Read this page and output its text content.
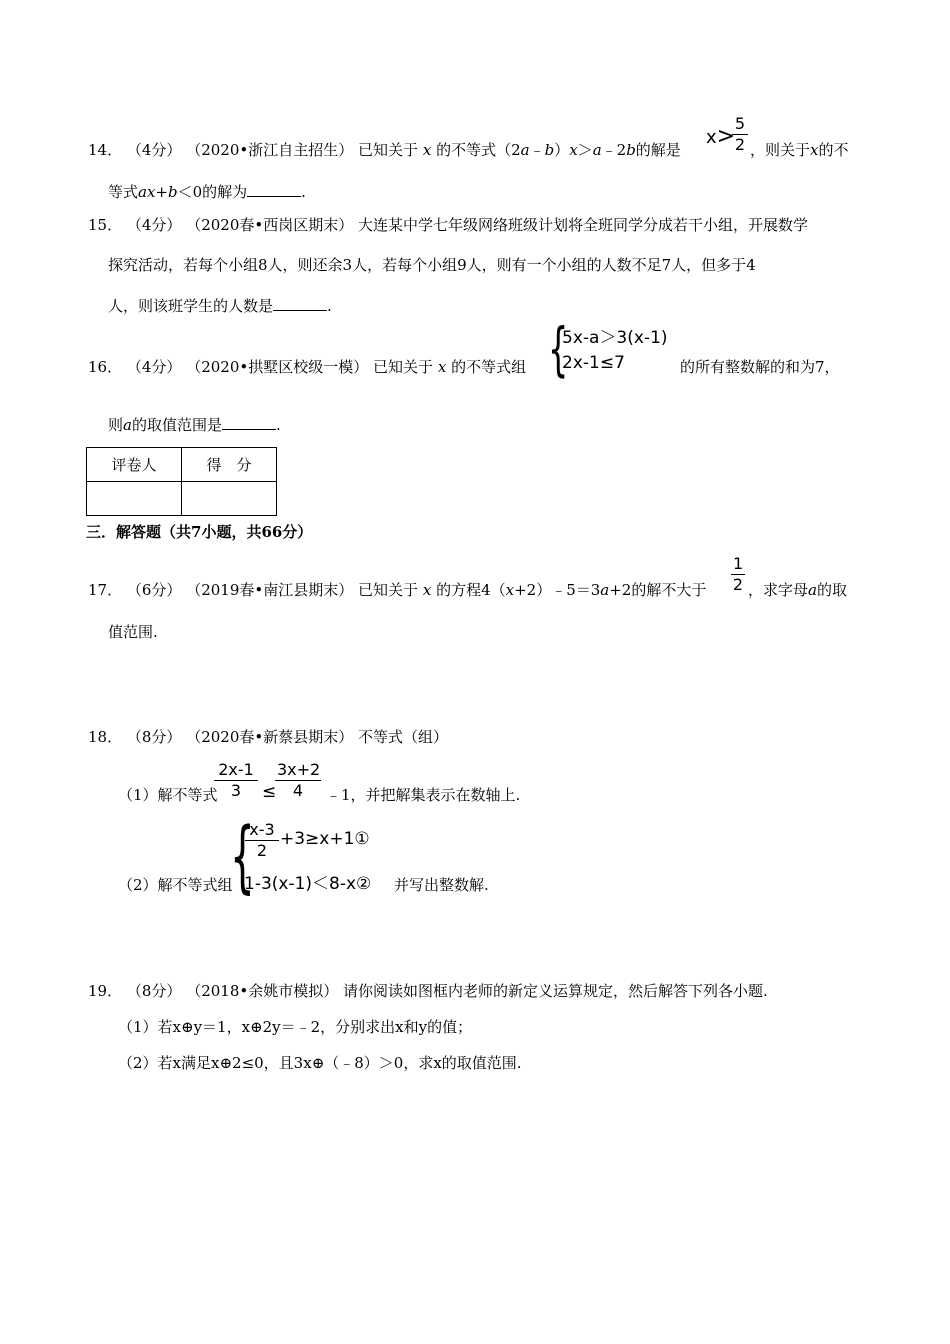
14． （4分） （2020•浙江自主招生） 已知关于 x 的不等式（2a﹣b）x＞a﹣2b的解是
x>
$\frac{5}{2}$ ，则关于x的不
等式ax+b＜0的解为	.
15． （4分） （2020春•西岗区期末） 大连某中学七年级网络班级计划将全班同学分成若干小组，开展数学
探究活动，若每个小组8人，则还余3人，若每个小组9人，则有一个小组的人数不足7人，但多于4
人，则该班学生的人数是	.
16． （4分） （2020•拱墅区校级一模） 已知关于 x 的不等式组 {
5x-a＞3(x-1)
2x-1≤7	的所有整数解的和为7，
则a的取值范围是	.
评卷人	得　分

三．解答题（共7小题，共66分）
17． （6分） （2019春•南江县期末） 已知关于 x 的方程4（x+2）﹣5＝3a+2的解不大于 $\frac{1}{2}$ ，求字母a的取
值范围.
18． （8分） （2020春•新蔡县期末） 不等式（组）
（1）解不等式
$\frac{2x-1}{3}$ ≤
$\frac{3x+2}{4}$ ﹣1，并把解集表示在数轴上.
（2）解不等式组
{
$\frac{x-3}{2}$ +3≥x+1①
1-3(x-1)＜8-x② 并写出整数解.
19． （8分） （2018•余姚市模拟） 请你阅读如图框内老师的新定义运算规定，然后解答下列各小题.
（1）若x⊕y＝1，x⊕2y＝﹣2，分别求出x和y的值；
（2）若x满足x⊕2≤0，且3x⊕（﹣8）＞0，求x的取值范围.
